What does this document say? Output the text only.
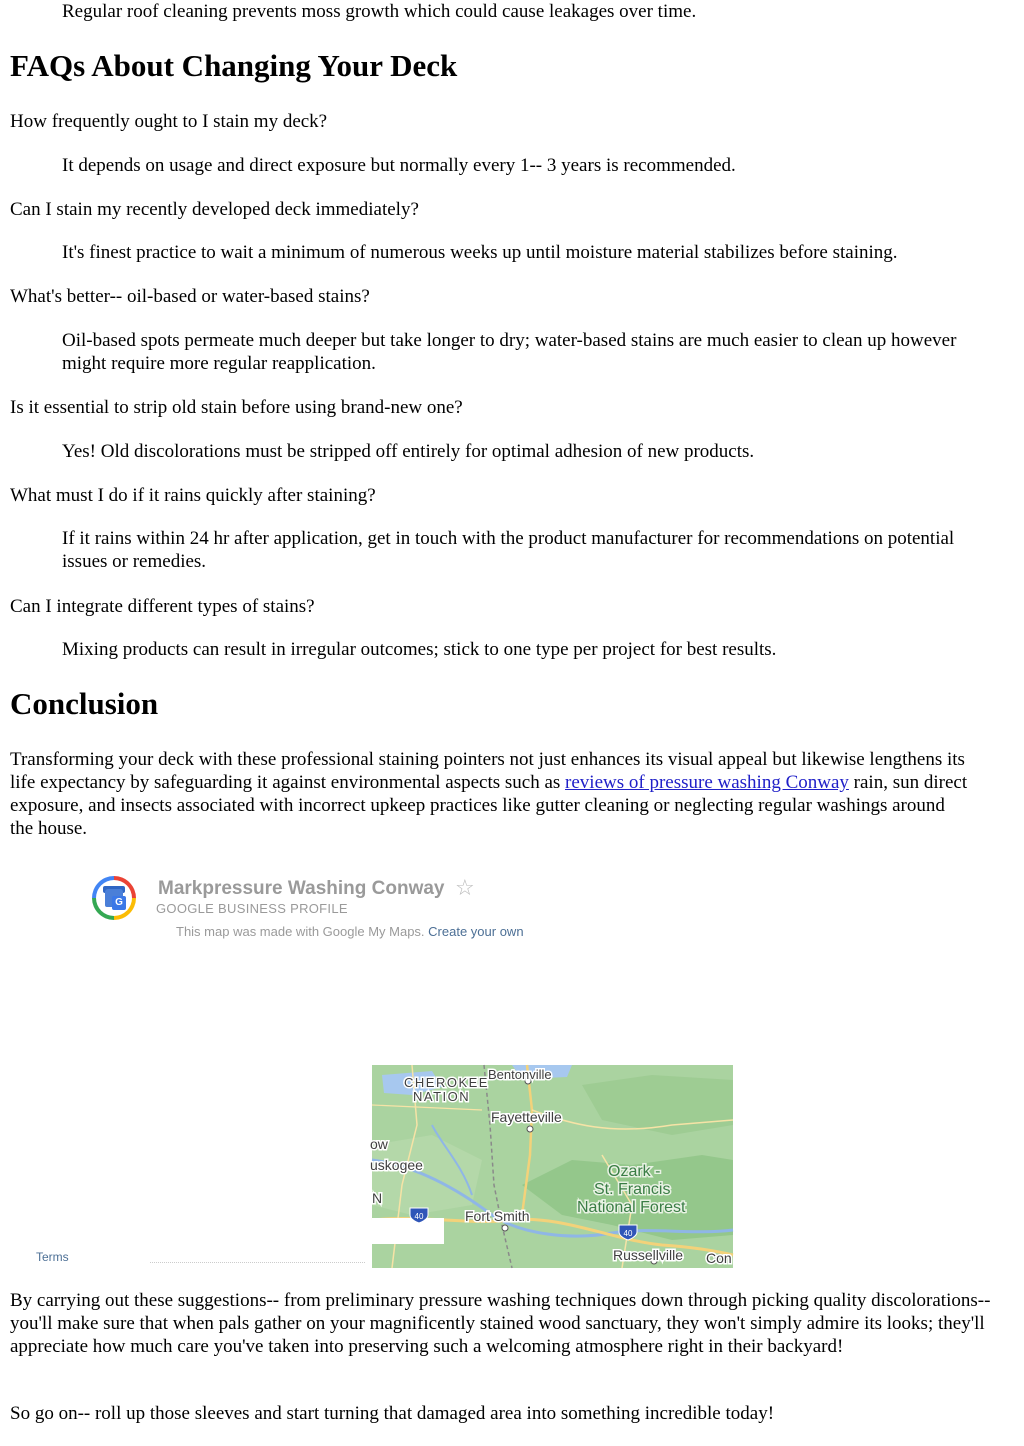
Regular roof cleaning prevents moss growth which could cause leakages over time.

FAQs About Changing Your Deck

How frequently ought to I stain my deck?

It depends on usage and direct exposure but normally every 1-- 3 years is recommended.

Can I stain my recently developed deck immediately?

It's finest practice to wait a minimum of numerous weeks up until moisture material stabilizes before staining.

What's better-- oil-based or water-based stains?

Oil-based spots permeate much deeper but take longer to dry; water-based stains are much easier to clean up however might require more regular reapplication.

Is it essential to strip old stain before using brand-new one?

Yes! Old discolorations must be stripped off entirely for optimal adhesion of new products.

What must I do if it rains quickly after staining?

If it rains within 24 hr after application, get in touch with the product manufacturer for recommendations on potential issues or remedies.

Can I integrate different types of stains?

Mixing products can result in irregular outcomes; stick to one type per project for best results.

Conclusion

Transforming your deck with these professional staining pointers not just enhances its visual appeal but likewise lengthens its life expectancy by safeguarding it against environmental aspects such as reviews of pressure washing Conway rain, sun direct exposure, and insects associated with incorrect upkeep practices like gutter cleaning or neglecting regular washings around the house.

G
Markpressure Washing Conway ☆
GOOGLE BUSINESS PROFILE
This map was made with Google My Maps. Create your own
Terms
40
40
CHEROKEE
NATION
Bentonville
Fayetteville
ow
uskogee
N
Fort Smith
Ozark -
St. Francis
National Forest
Russellville Con

By carrying out these suggestions-- from preliminary pressure washing techniques down through picking quality discolorations-- you'll make sure that when pals gather on your magnificently stained wood sanctuary, they won't simply admire its looks; they'll appreciate how much care you've taken into preserving such a welcoming atmosphere right in their backyard!

So go on-- roll up those sleeves and start turning that damaged area into something incredible today!
